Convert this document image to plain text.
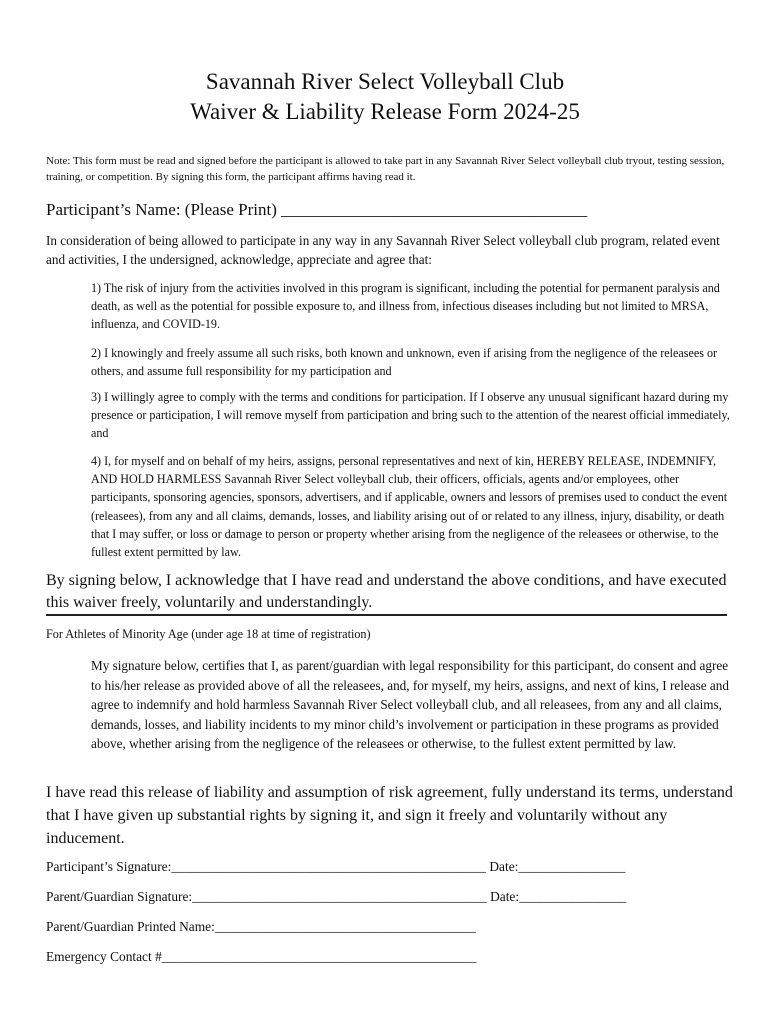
Savannah River Select Volleyball Club
Waiver & Liability Release Form 2024-25
Note: This form must be read and signed before the participant is allowed to take part in any Savannah River Select volleyball club tryout, testing session, training, or competition. By signing this form, the participant affirms having read it.
Participant’s Name: (Please Print) ____________________________________
In consideration of being allowed to participate in any way in any Savannah River Select volleyball club program, related event and activities, I the undersigned, acknowledge, appreciate and agree that:
1) The risk of injury from the activities involved in this program is significant, including the potential for permanent paralysis and death, as well as the potential for possible exposure to, and illness from, infectious diseases including but not limited to MRSA, influenza, and COVID-19.
2) I knowingly and freely assume all such risks, both known and unknown, even if arising from the negligence of the releasees or others, and assume full responsibility for my participation and
3) I willingly agree to comply with the terms and conditions for participation. If I observe any unusual significant hazard during my presence or participation, I will remove myself from participation and bring such to the attention of the nearest official immediately, and
4) I, for myself and on behalf of my heirs, assigns, personal representatives and next of kin, HEREBY RELEASE, INDEMNIFY, AND HOLD HARMLESS Savannah River Select volleyball club, their officers, officials, agents and/or employees, other participants, sponsoring agencies, sponsors, advertisers, and if applicable, owners and lessors of premises used to conduct the event (releasees), from any and all claims, demands, losses, and liability arising out of or related to any illness, injury, disability, or death that I may suffer, or loss or damage to person or property whether arising from the negligence of the releasees or otherwise, to the fullest extent permitted by law.
By signing below, I acknowledge that I have read and understand the above conditions, and have executed this waiver freely, voluntarily and understandingly.
For Athletes of Minority Age (under age 18 at time of registration)
My signature below, certifies that I, as parent/guardian with legal responsibility for this participant, do consent and agree to his/her release as provided above of all the releasees, and, for myself, my heirs, assigns, and next of kins, I release and agree to indemnify and hold harmless Savannah River Select volleyball club, and all releasees, from any and all claims, demands, losses, and liability incidents to my minor child’s involvement or participation in these programs as provided above, whether arising from the negligence of the releasees or otherwise, to the fullest extent permitted by law.
I have read this release of liability and assumption of risk agreement, fully understand its terms, understand that I have given up substantial rights by signing it, and sign it freely and voluntarily without any inducement.
Participant’s Signature:_______________________________________________ Date:________________
Parent/Guardian Signature:____________________________________________ Date:________________
Parent/Guardian Printed Name:_______________________________________
Emergency Contact #_______________________________________________
